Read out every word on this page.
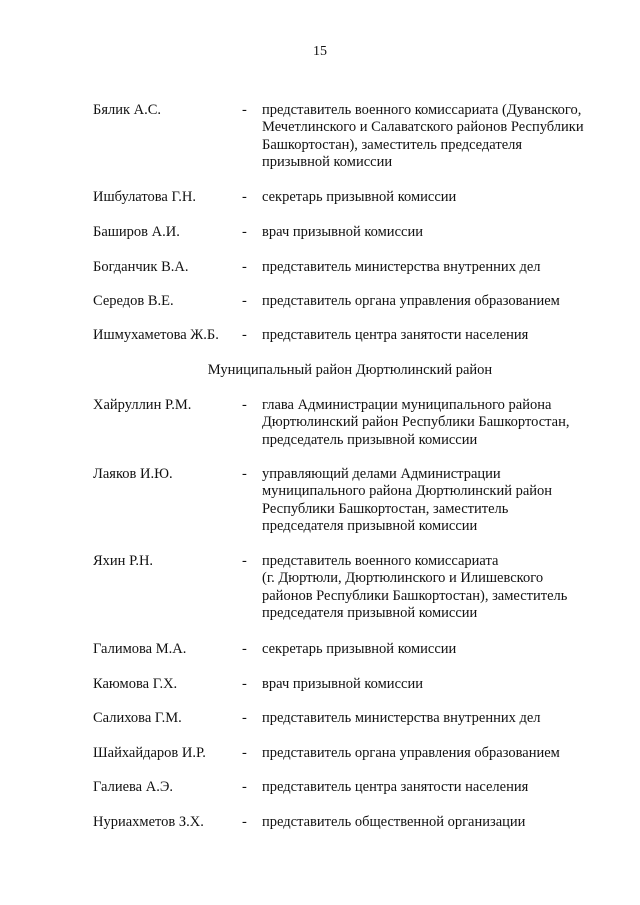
15
Бялик А.С.	- представитель военного комиссариата (Дуванского,
Мечетлинского и Салаватского районов Республики
Башкортостан), заместитель председателя
призывной комиссии
Ишбулатова Г.Н.	- секретарь призывной комиссии
Баширов А.И.	- врач призывной комиссии
Богданчик В.А.	- представитель министерства внутренних дел
Середов В.Е.	- представитель органа управления образованием
Ишмухаметова Ж.Б. - представитель центра занятости населения
Муниципальный район Дюртюлинский район
Хайруллин Р.М.	- глава Администрации муниципального района
Дюртюлинский район Республики Башкортостан,
председатель призывной комиссии
Лаяков И.Ю.	- управляющий делами Администрации
муниципального района Дюртюлинский район
Республики Башкортостан, заместитель
председателя призывной комиссии
Яхин Р.Н.	- представитель военного комиссариата
(г. Дюртюли, Дюртюлинского и Илишевского
районов Республики Башкортостан), заместитель
председателя призывной комиссии
Галимова М.А.	- секретарь призывной комиссии
Каюмова Г.Х.	- врач призывной комиссии
Салихова Г.М.	- представитель министерства внутренних дел
Шайхайдаров И.Р. - представитель органа управления образованием
Галиева А.Э.	- представитель центра занятости населения
Нуриахметов З.Х.	- представитель общественной организации
